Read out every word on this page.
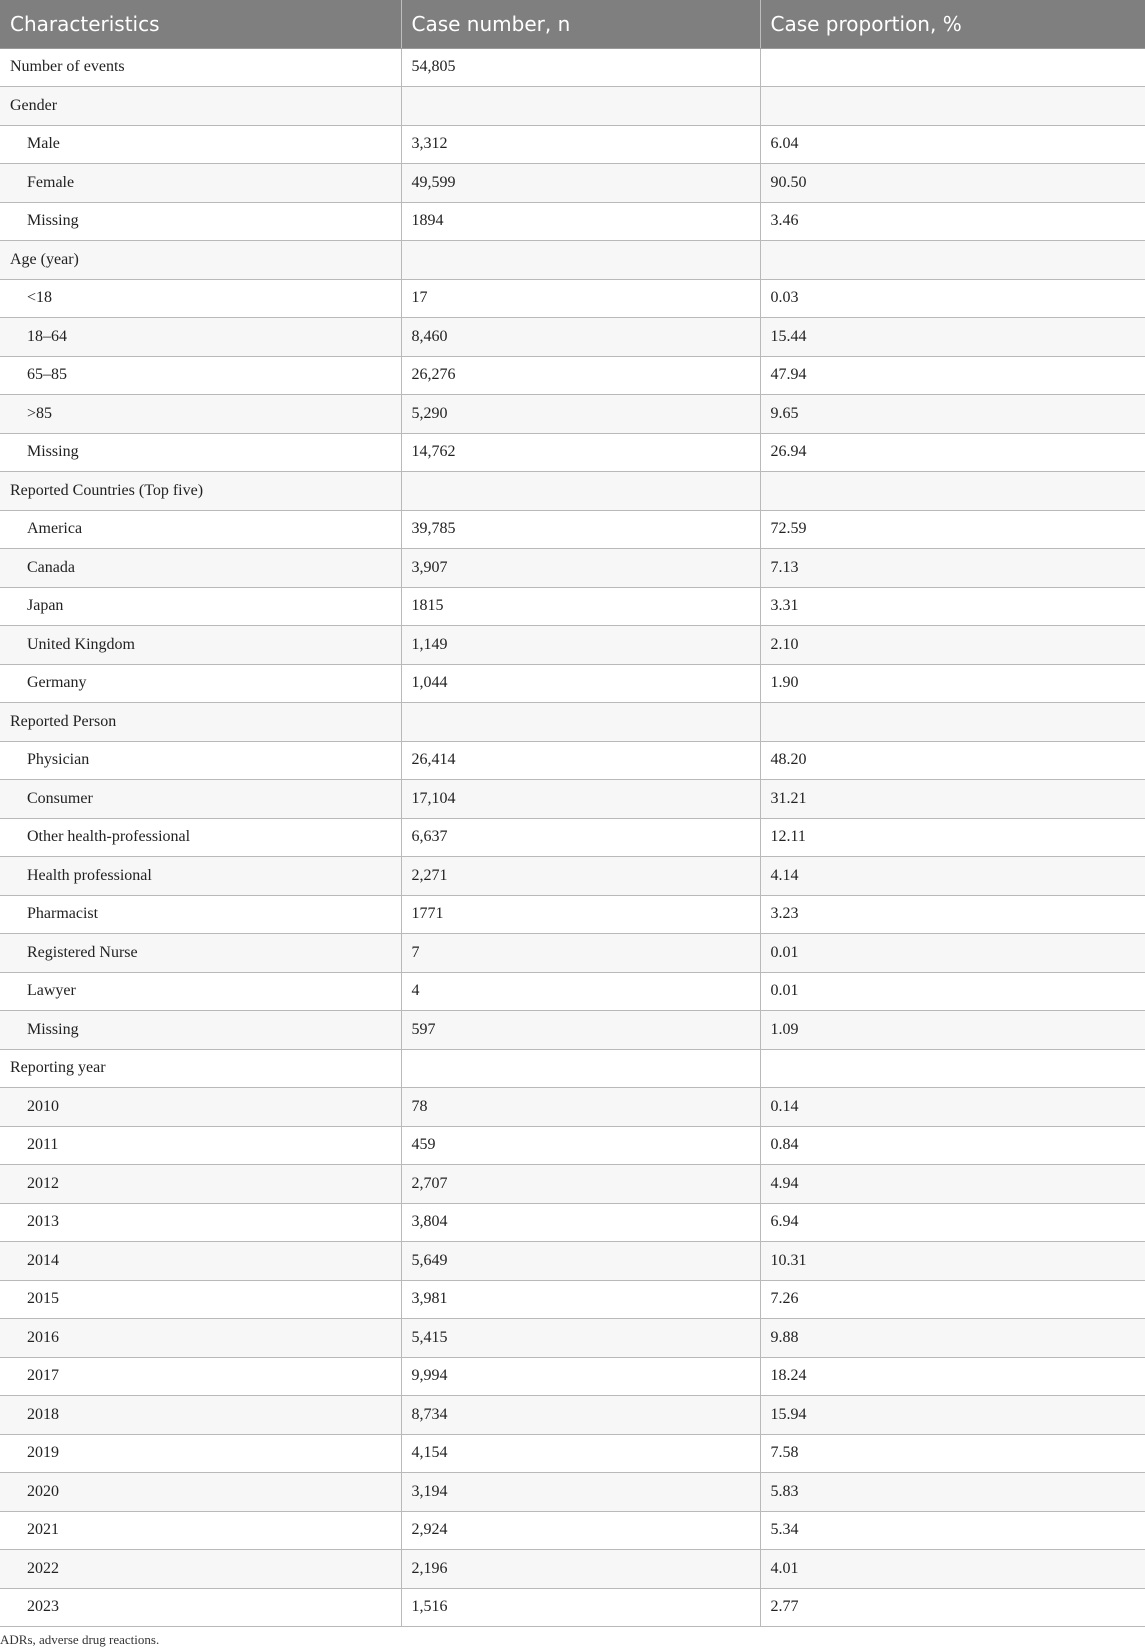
Characteristics	Case number, n	Case proportion, %
Number of events	54,805	
Gender		
Male	3,312	6.04
Female	49,599	90.50
Missing	1894	3.46
Age (year)		
<18	17	0.03
18–64	8,460	15.44
65–85	26,276	47.94
>85	5,290	9.65
Missing	14,762	26.94
Reported Countries (Top five)		
America	39,785	72.59
Canada	3,907	7.13
Japan	1815	3.31
United Kingdom	1,149	2.10
Germany	1,044	1.90
Reported Person		
Physician	26,414	48.20
Consumer	17,104	31.21
Other health-professional	6,637	12.11
Health professional	2,271	4.14
Pharmacist	1771	3.23
Registered Nurse	7	0.01
Lawyer	4	0.01
Missing	597	1.09
Reporting year		
2010	78	0.14
2011	459	0.84
2012	2,707	4.94
2013	3,804	6.94
2014	5,649	10.31
2015	3,981	7.26
2016	5,415	9.88
2017	9,994	18.24
2018	8,734	15.94
2019	4,154	7.58
2020	3,194	5.83
2021	2,924	5.34
2022	2,196	4.01
2023	1,516	2.77
ADRs, adverse drug reactions.
